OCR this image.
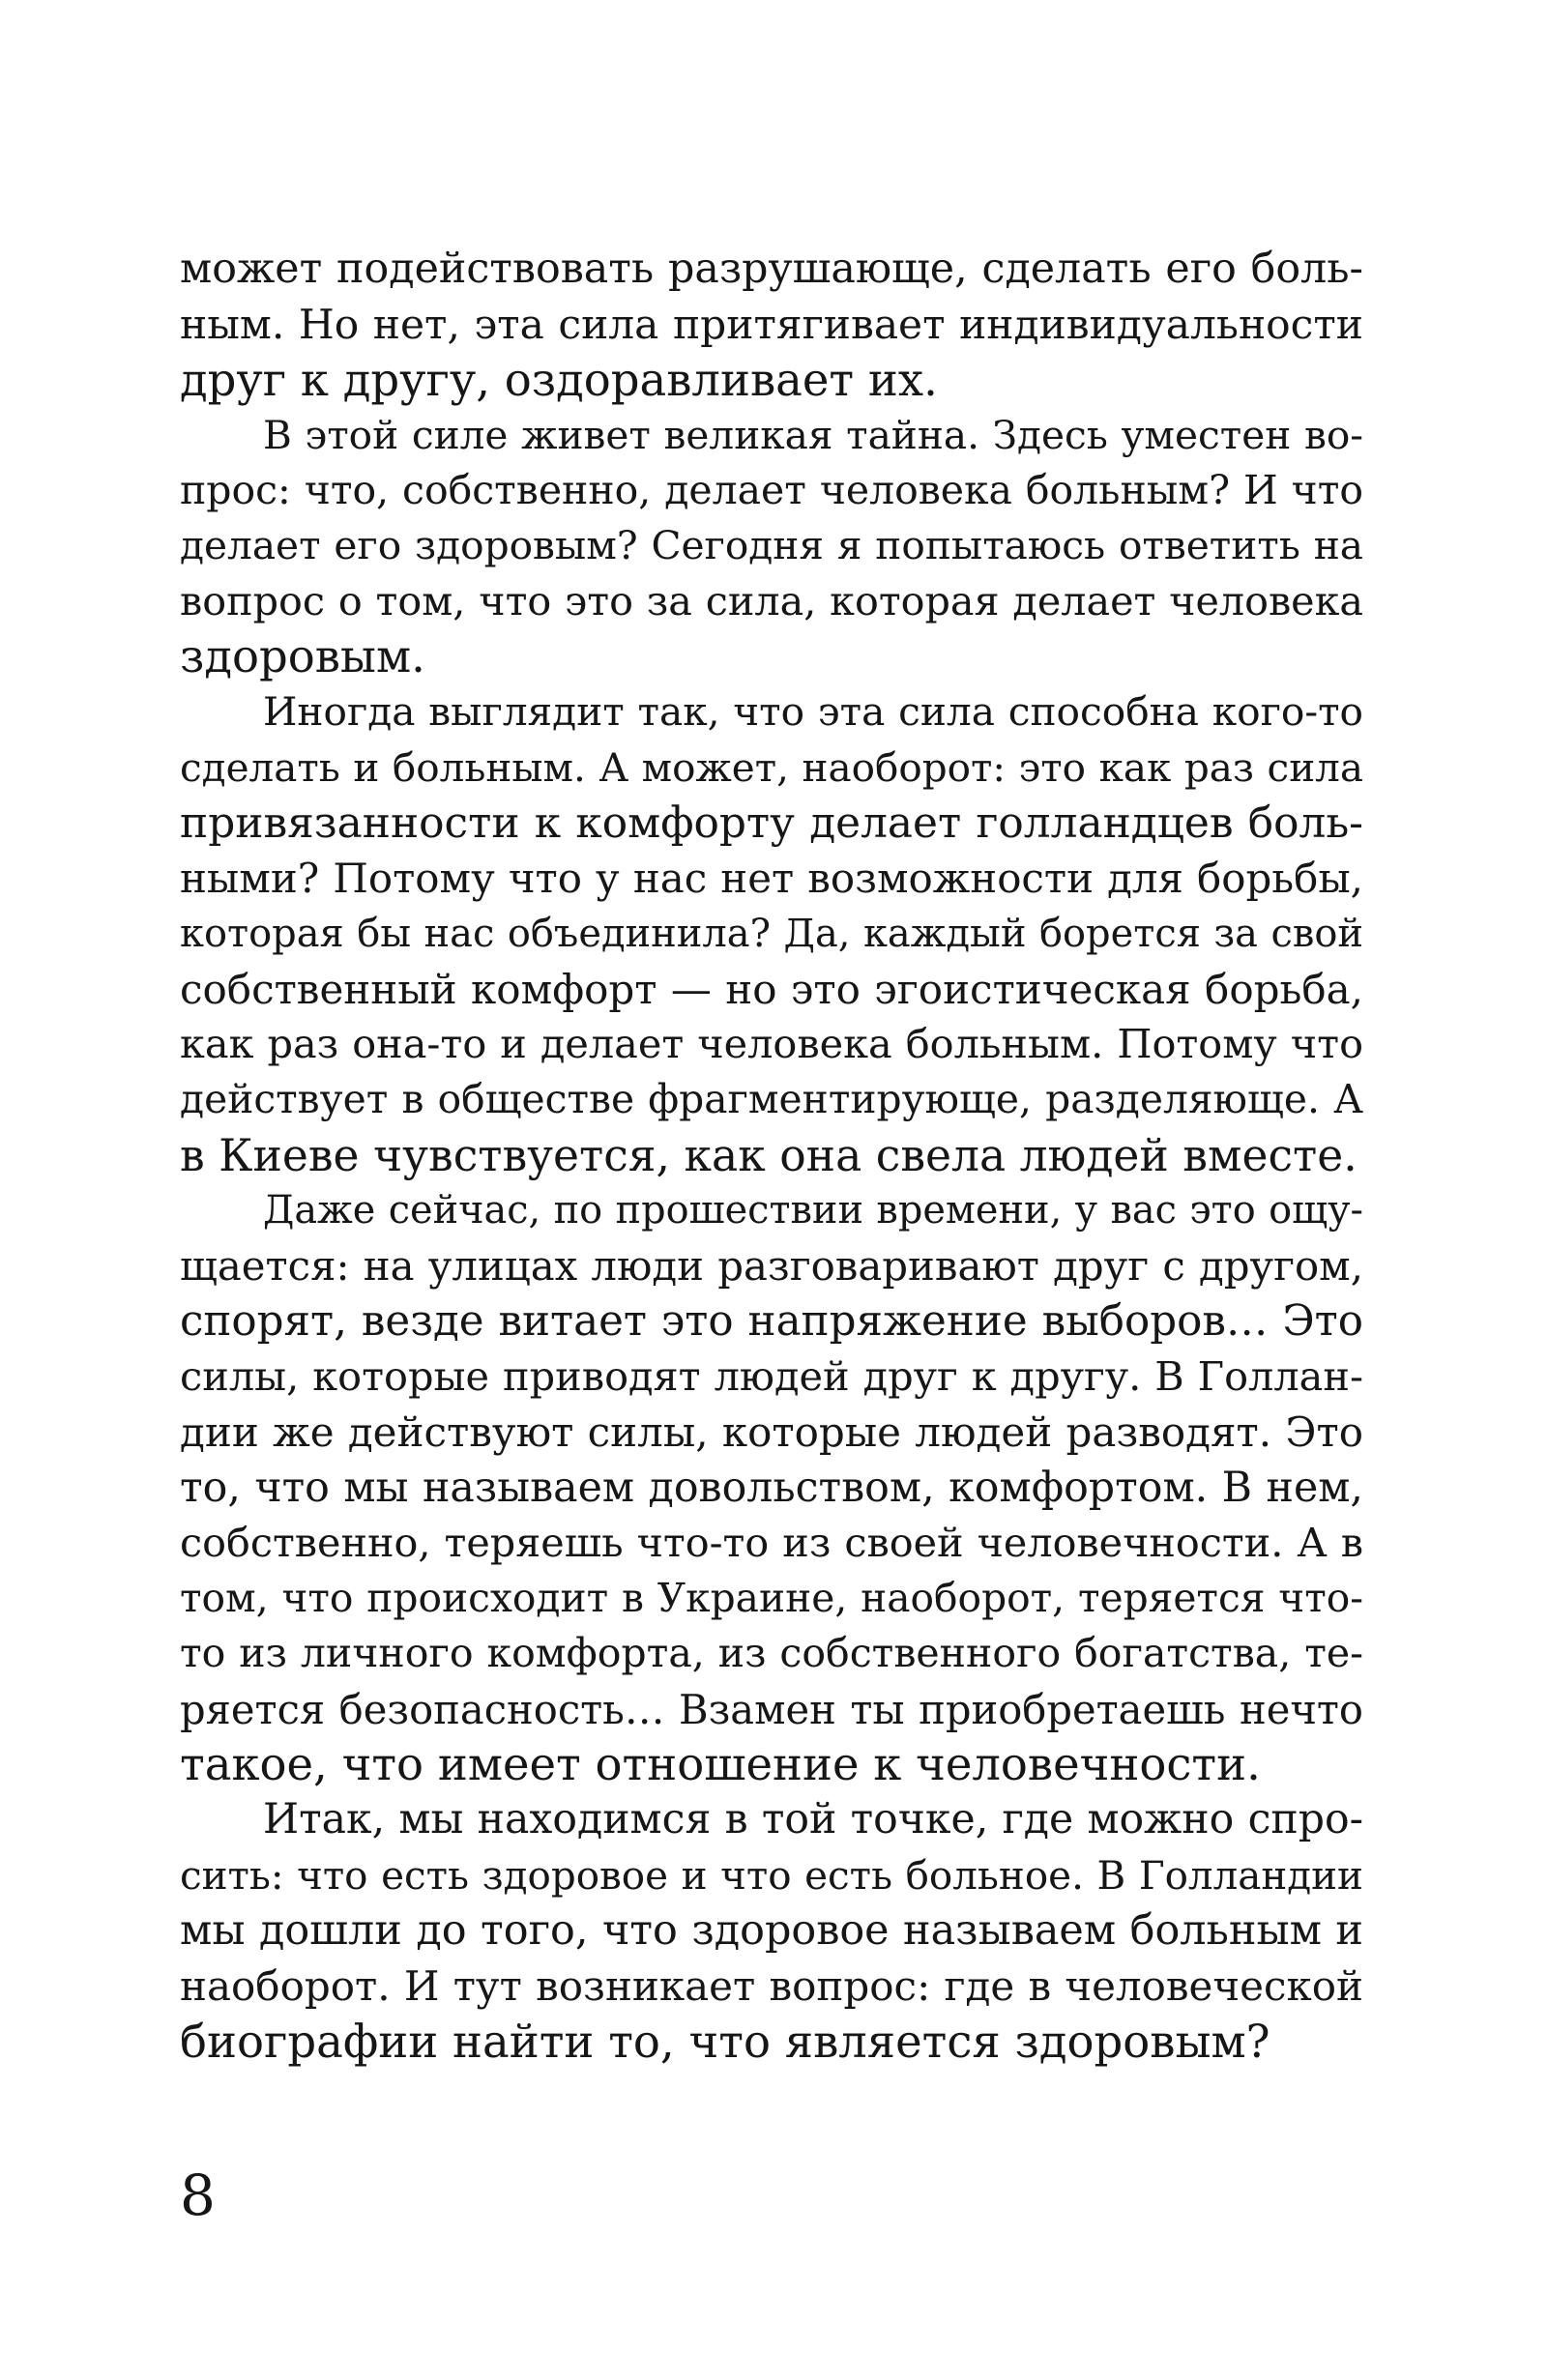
может подействовать разрушающе, сделать его боль-
ным. Но нет, эта сила притягивает индивидуальности
друг к другу, оздоравливает их.
В этой силе живет великая тайна. Здесь уместен во-
прос: что, собственно, делает человека больным? И что
делает его здоровым? Сегодня я попытаюсь ответить на
вопрос о том, что это за сила, которая делает человека
здоровым.
Иногда выглядит так, что эта сила способна кого-то
сделать и больным. А может, наоборот: это как раз сила
привязанности к комфорту делает голландцев боль-
ными? Потому что у нас нет возможности для борьбы,
которая бы нас объединила? Да, каждый борется за свой
собственный комфорт — но это эгоистическая борьба,
как раз она-то и делает человека больным. Потому что
действует в обществе фрагментирующе, разделяюще. А
в Киеве чувствуется, как она свела людей вместе.
Даже сейчас, по прошествии времени, у вас это ощу-
щается: на улицах люди разговаривают друг с другом,
спорят, везде витает это напряжение выборов… Это
силы, которые приводят людей друг к другу. В Голлан-
дии же действуют силы, которые людей разводят. Это
то, что мы называем довольством, комфортом. В нем,
собственно, теряешь что-то из своей человечности. А в
том, что происходит в Украине, наоборот, теряется что-
то из личного комфорта, из собственного богатства, те-
ряется безопасность… Взамен ты приобретаешь нечто
такое, что имеет отношение к человечности.
Итак, мы находимся в той точке, где можно спро-
сить: что есть здоровое и что есть больное. В Голландии
мы дошли до того, что здоровое называем больным и
наоборот. И тут возникает вопрос: где в человеческой
биографии найти то, что является здоровым?
8
